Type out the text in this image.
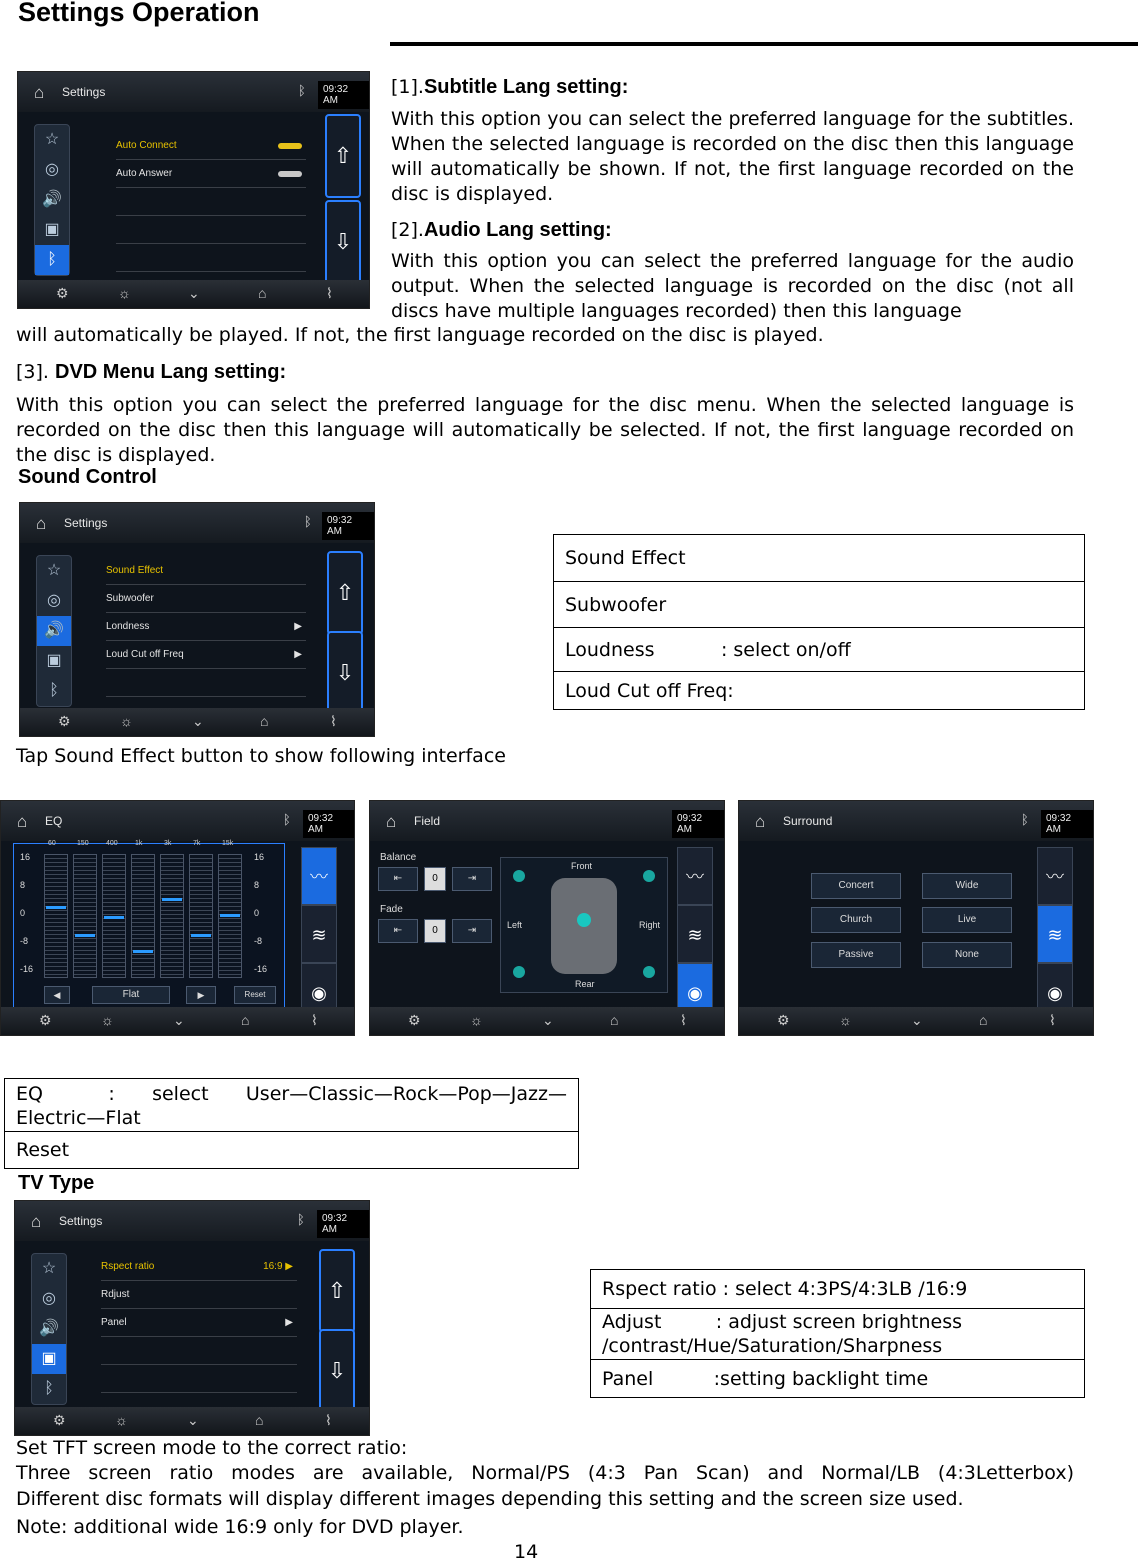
Settings Operation
⌂ Settings	ᛒ	09:32 AM
☆
◎
🔊
▣
ᛒ
Auto Connect
Auto Answer
⇧
⇩
⚙	☼	⌄	⌂	⌇
[1].Subtitle Lang setting:
With this option you can select the preferred language for the subtitles. When the selected language is recorded on the disc then this language will automatically be shown. If not, the first language recorded on the disc is displayed.
[2].Audio Lang setting:
With this option you can select the preferred language for the audio output. When the selected language is recorded on the disc (not all discs have multiple languages recorded) then this language
will automatically be played. If not, the first language recorded on the disc is played.
[3]. DVD Menu Lang setting:
With this option you can select the preferred language for the disc menu. When the selected language is recorded on the disc then this language will automatically be selected. If not, the first language recorded on the disc is displayed.
Sound Control
⌂ Settings	ᛒ	09:32 AM
☆
◎
🔊
▣
ᛒ
Sound Effect
Subwoofer
Londness	▶
Loud Cut off Freq	▶
⇧
⇩
⚙	☼	⌄	⌂	⌇
Sound Effect
Subwoofer
Loudness           : select on/off
Loud Cut off Freq:
Tap Sound Effect button to show following interface
⌂ EQ	ᛒ	09:32 AM
60	150 400 1k	3k	7k	15k
16	16
8	8
0	0
-8	-8
-16	-16
◀	Flat	▶	Reset
〰
≋
◉
⚙	☼	⌄	⌂	⌇
⌂ Field	09:32 AM
Balance
⇤	0	⇥
Fade
⇤	0	⇥
Front
Rear
Left	Right
〰
≋
◉
⚙	☼	⌄	⌂	⌇
⌂ Surround	ᛒ	09:32 AM
Concert	Wide
Church	Live
Passive	None
〰
≋
◉
⚙	☼	⌄	⌂	⌇
EQ       :    select    User—Classic—Rock—Pop—Jazz—Electric—Flat
Reset
TV Type
⌂ Settings	ᛒ	09:32 AM
☆
◎
🔊
▣
ᛒ
Rspect ratio	16:9 ▶
Rdjust
Panel	▶
⇧
⇩
⚙	☼	⌄	⌂	⌇
Rspect ratio : select 4:3PS/4:3LB /16:9
Adjust         : adjust screen brightness /contrast/Hue/Saturation/Sharpness
Panel          :setting backlight time
Set TFT screen mode to the correct ratio:
Three screen ratio modes are available, Normal/PS (4:3 Pan Scan) and Normal/LB (4:3Letterbox)
Different disc formats will display different images depending this setting and the screen size used.
Note: additional wide 16:9 only for DVD player.
14
